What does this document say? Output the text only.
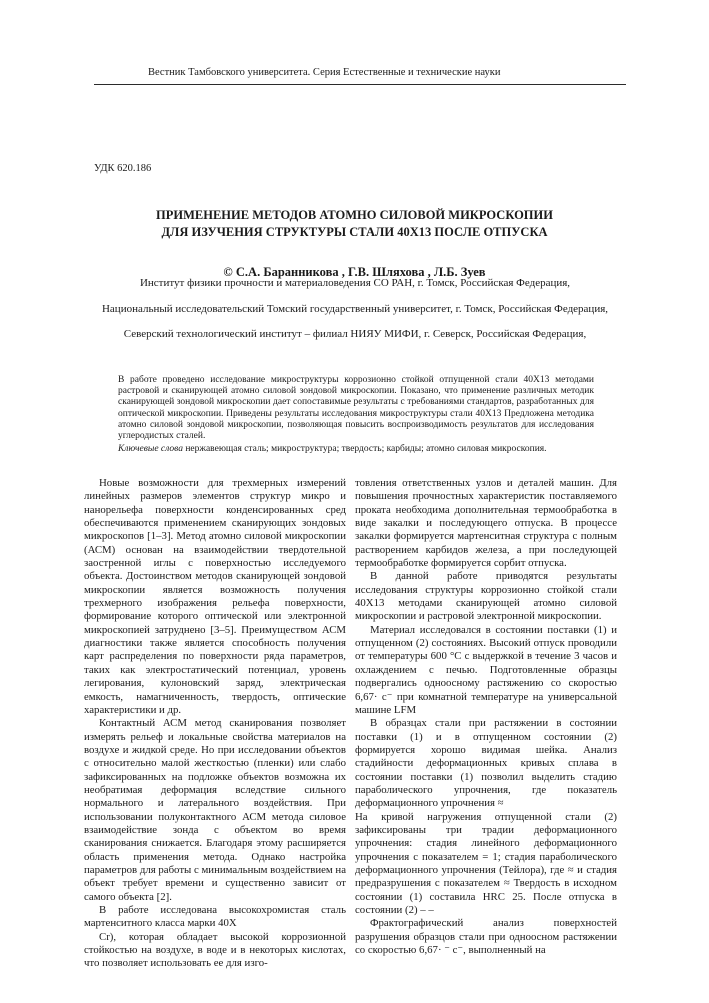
Вестник Тамбовского университета. Серия Естественные и технические науки
УДК 620.186
ПРИМЕНЕНИЕ МЕТОДОВ АТОМНО СИЛОВОЙ МИКРОСКОПИИ
ДЛЯ ИЗУЧЕНИЯ СТРУКТУРЫ СТАЛИ 40Х13 ПОСЛЕ ОТПУСКА
© С.А. Баранникова , Г.В. Шляхова , Л.Б. Зуев
Институт физики прочности и материаловедения СО РАН, г. Томск, Российская Федерация,
Национальный исследовательский Томский государственный университет, г. Томск, Российская Федерация,
Северский технологический институт – филиал НИЯУ МИФИ, г. Северск, Российская Федерация,
В работе проведено исследование микроструктуры коррозионно стойкой отпущенной стали 40Х13 методами растровой и сканирующей атомно силовой зондовой микроскопии. Показано, что применение различных методик сканирующей зондовой микроскопии дает сопоставимые результаты с требованиями стандартов, разработанных для оптической микроскопии. Приведены результаты исследования микроструктуры стали 40Х13 Предложена методика атомно силовой зондовой микроскопии, позволяющая повысить воспроизводимость результатов для исследования углеродистых сталей.
Ключевые слова нержавеющая сталь; микроструктура; твердость; карбиды; атомно силовая микроскопия.

Новые возможности для трехмерных измерений линейных размеров элементов структур микро и нанорельефа поверхности конденсированных сред обеспечиваются применением сканирующих зондовых микроскопов [1–3]. Метод атомно силовой микроскопии (АСМ) основан на взаимодействии твердотельной заостренной иглы с поверхностью исследуемого объекта. Достоинством методов сканирующей зондовой микроскопии является возможность получения трехмерного изображения рельефа поверхности, формирование которого оптической или электронной микроскопией затруднено [3–5]. Преимуществом АСМ диагностики также является способность получения карт распределения по поверхности ряда параметров, таких как электростатический потенциал, уровень легирования, кулоновский заряд, электрическая емкость, намагниченность, твердость, оптические характеристики и др.

Контактный АСМ метод сканирования позволяет измерять рельеф и локальные свойства материалов на воздухе и жидкой среде. Но при исследовании объектов с относительно малой жесткостью (пленки) или слабо зафиксированных на подложке объектов возможна их необратимая деформация вследствие сильного нормального и латерального воздействия. При использовании полуконтактного АСМ метода силовое взаимодействие зонда с объектом во время сканирования снижается. Благодаря этому расширяется область применения метода. Однако настройка параметров для работы с минимальным воздействием на объект требует времени и существенно зависит от самого объекта [2].

В работе исследована высокохромистая сталь мартенситного класса марки 40Х

Cr), которая обладает высокой коррозионной стойкостью на воздухе, в воде и в некоторых кислотах, что позволяет использовать ее для изго-

товления ответственных узлов и деталей машин. Для повышения прочностных характеристик поставляемого проката необходима дополнительная термообработка в виде закалки и последующего отпуска. В процессе закалки формируется мартенситная структура с полным растворением карбидов железа, а при последующей термообработке формируется сорбит отпуска.

В данной работе приводятся результаты исследования структуры коррозионно стойкой стали 40Х13 методами сканирующей атомно силовой микроскопии и растровой электронной микроскопии.

Материал исследовался в состоянии поставки (1) и отпущенном (2) состояниях. Высокий отпуск проводили от температуры 600 °С с выдержкой в течение 3 часов и охлаждением с печью. Подготовленные образцы подвергались одноосному растяжению со скоростью 6,67· с⁻ при комнатной температуре на универсальной машине LFM

В образцах стали при растяжении в состоянии поставки (1) и в отпущенном состоянии (2) формируется хорошо видимая шейка. Анализ стадийности деформационных кривых сплава в состоянии поставки (1) позволил выделить стадию параболического упрочнения, где показатель деформационного упрочнения ≈

На кривой нагружения отпущенной стали (2) зафиксированы три традии деформационного упрочнения: стадия линейного деформационного упрочнения с показателем = 1; стадия параболического деформационного упрочнения (Тейлора), где ≈ и стадия предразрушения с показателем ≈ Твердость в исходном состоянии (1) составила HRC 25. После отпуска в состоянии (2) – –

Фрактографический анализ поверхностей разрушения образцов стали при одноосном растяжении со скоростью 6,67· ⁻ с⁻, выполненный на
